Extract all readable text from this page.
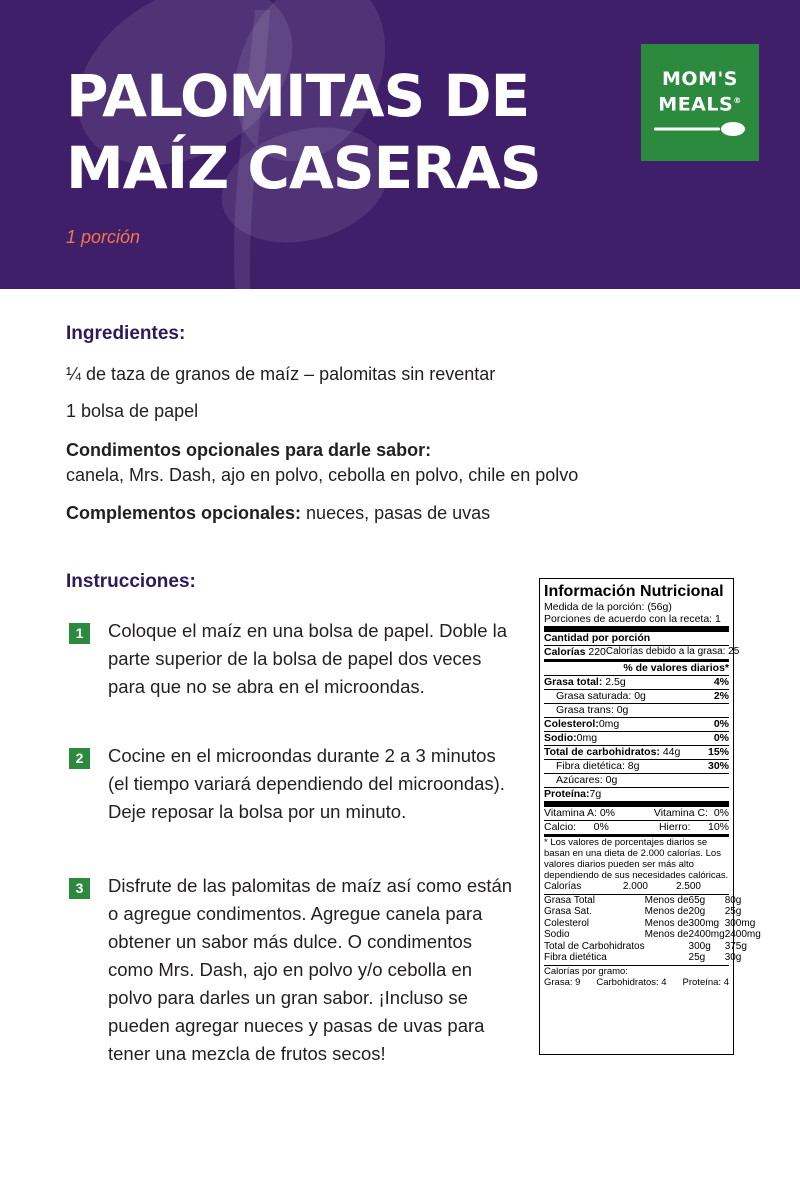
PALOMITAS DE
MAÍZ CASERAS
1 porción
MOM'S
MEALS®
Ingredientes:
¼ de taza de granos de maíz – palomitas sin reventar
1 bolsa de papel
Condimentos opcionales para darle sabor:
canela, Mrs. Dash, ajo en polvo, cebolla en polvo, chile en polvo
Complementos opcionales: nueces, pasas de uvas
Instrucciones:
1	Coloque el maíz en una bolsa de papel. Doble la parte superior de la bolsa de papel dos veces para que no se abra en el microondas.
2	Cocine en el microondas durante 2 a 3 minutos (el tiempo variará dependiendo del microondas). Deje reposar la bolsa por un minuto.
3	Disfrute de las palomitas de maíz así como están o agregue condimentos. Agregue canela para obtener un sabor más dulce. O condimentos como Mrs. Dash, ajo en polvo y/o cebolla en polvo para darles un gran sabor. ¡Incluso se pueden agregar nueces y pasas de uvas para tener una mezcla de frutos secos!
Información Nutricional
Medida de la porción: (56g)
Porciones de acuerdo con la receta: 1
Cantidad por porción
Calorías 220 Calorías debido a la grasa: 25
% de valores diarios*
Grasa total: 2.5g	4%
Grasa saturada: 0g	2%
Grasa trans: 0g
Colesterol:0mg	0%
Sodio:0mg	0%
Total de carbohidratos: 44g	15%
Fibra dietética: 8g	30%
Azúcares: 0g
Proteína:7g
Vitamina A: 0%	Vitamina C: 0%
Calcio: 0%	Hierro: 10%
* Los valores de porcentajes diarios se basan en una dieta de 2.000 calorías. Los valores diarios pueden ser más alto dependiendo de sus necesidades calóricas.
	Calorías	2.000	2.500
Grasa Total	Menos de	65g	80g
Grasa Sat.	Menos de	20g	25g
Colesterol	Menos de	300mg	300mg
Sodio	Menos de	2400mg	2400mg
Total de Carbohidratos		300g	375g
Fibra dietética		25g	30g
Calorías por gramo:
Grasa: 9 Carbohidratos: 4 Proteína: 4
